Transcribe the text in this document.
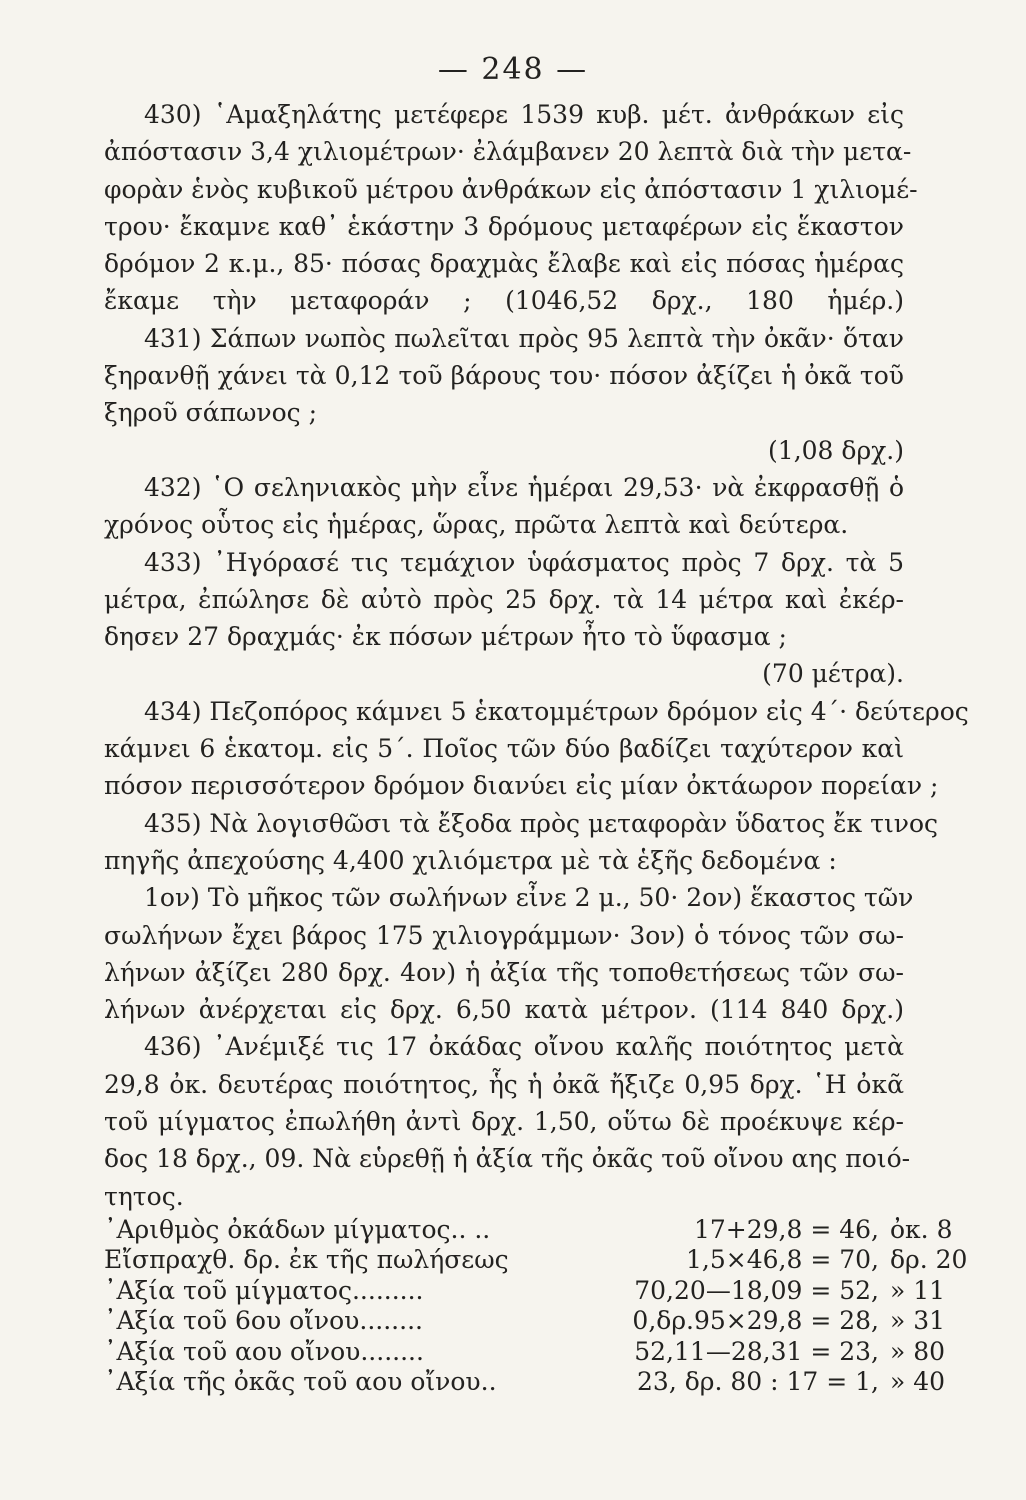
— 248 —
430) ῾Αμαξηλάτης μετέφερε 1539 κυβ. μέτ. ἀνθράκων εἰς
ἀπόστασιν 3,4 χιλιομέτρων· ἐλάμβανεν 20 λεπτὰ διὰ τὴν μετα-
φορὰν ἑνὸς κυβικοῦ μέτρου ἀνθράκων εἰς ἀπόστασιν 1 χιλιομέ-
τρου· ἔκαμνε καθ᾽ ἑκάστην 3 δρόμους μεταφέρων εἰς ἕκαστον
δρόμον 2 κ.μ., 85· πόσας δραχμὰς ἔλαβε καὶ εἰς πόσας ἡμέρας
ἔκαμε τὴν μεταφοράν ; (1046,52 δρχ., 180 ἡμέρ.)
431) Σάπων νωπὸς πωλεῖται πρὸς 95 λεπτὰ τὴν ὀκᾶν· ὅταν
ξηρανθῇ χάνει τὰ 0,12 τοῦ βάρους του· πόσον ἀξίζει ἡ ὀκᾶ τοῦ
ξηροῦ σάπωνος ;
(1,08 δρχ.)
432) ῾Ο σεληνιακὸς μὴν εἶνε ἡμέραι 29,53· νὰ ἐκφρασθῇ ὁ
χρόνος οὗτος εἰς ἡμέρας, ὥρας, πρῶτα λεπτὰ καὶ δεύτερα.
433) ᾽Ηγόρασέ τις τεμάχιον ὑφάσματος πρὸς 7 δρχ. τὰ 5
μέτρα, ἐπώλησε δὲ αὐτὸ πρὸς 25 δρχ. τὰ 14 μέτρα καὶ ἐκέρ-
δησεν 27 δραχμάς· ἐκ πόσων μέτρων ἦτο τὸ ὕφασμα ;
(70 μέτρα).
434) Πεζοπόρος κάμνει 5 ἑκατομμέτρων δρόμον εἰς 4΄· δεύτερος
κάμνει 6 ἑκατομ. εἰς 5΄. Ποῖος τῶν δύο βαδίζει ταχύτερον καὶ
πόσον περισσότερον δρόμον διανύει εἰς μίαν ὀκτάωρον πορείαν ;
435) Νὰ λογισθῶσι τὰ ἔξοδα πρὸς μεταφορὰν ὕδατος ἔκ τινος
πηγῆς ἀπεχούσης 4,400 χιλιόμετρα μὲ τὰ ἑξῆς δεδομένα :
1ον) Τὸ μῆκος τῶν σωλήνων εἶνε 2 μ., 50· 2ον) ἕκαστος τῶν
σωλήνων ἔχει βάρος 175 χιλιογράμμων· 3ον) ὁ τόνος τῶν σω-
λήνων ἀξίζει 280 δρχ. 4ον) ἡ ἀξία τῆς τοποθετήσεως τῶν σω-
λήνων ἀνέρχεται εἰς δρχ. 6,50 κατὰ μέτρον. (114 840 δρχ.)
436) ᾽Ανέμιξέ τις 17 ὀκάδας οἴνου καλῆς ποιότητος μετὰ
29,8 ὀκ. δευτέρας ποιότητος, ἧς ἡ ὀκᾶ ἤξιζε 0,95 δρχ. ῾Η ὀκᾶ
τοῦ μίγματος ἐπωλήθη ἀντὶ δρχ. 1,50, οὕτω δὲ προέκυψε κέρ-
δος 18 δρχ., 09. Νὰ εὑρεθῇ ἡ ἀξία τῆς ὀκᾶς τοῦ οἴνου αης ποιό-
τητος.
᾽Αριθμὸς ὀκάδων μίγματος.. ..	17+29,8 = 46, ὀκ. 8
Εἴσπραχθ. δρ. ἐκ τῆς πωλήσεως	1,5×46,8 = 70, δρ. 20
᾽Αξία τοῦ μίγματος.........	70,20—18,09 = 52, » 11
᾽Αξία τοῦ 6ου οἴνου........	0,δρ.95×29,8 = 28, » 31
᾽Αξία τοῦ αου οἴνου........	52,11—28,31 = 23, » 80
᾽Αξία τῆς ὀκᾶς τοῦ αου οἴνου..	23, δρ. 80 : 17 = 1, » 40
